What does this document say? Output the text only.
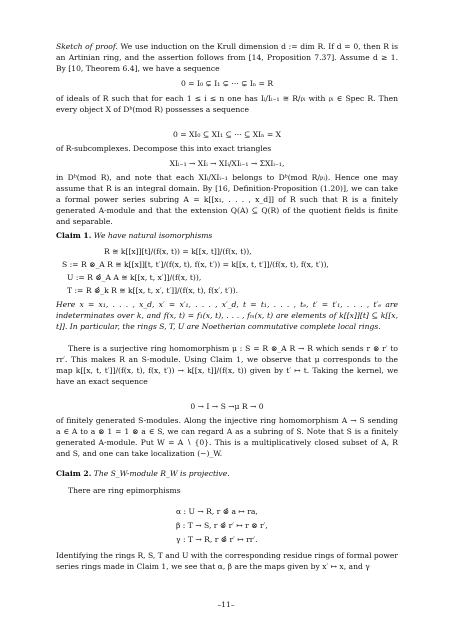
Sketch of proof. We use induction on the Krull dimension d := dim R. If d = 0, then R is an Artinian ring, and the assertion follows from [14, Proposition 7.37]. Assume d ≥ 1. By [10, Theorem 6.4], we have a sequence

0 = I₀ ⊊ I₁ ⊊ ··· ⊊ Iₙ = R

of ideals of R such that for each 1 ≤ i ≤ n one has Iᵢ/Iᵢ₋₁ ≅ R/𝔭ᵢ with 𝔭ᵢ ∈ Spec R. Then every object X of Dᵇ(mod R) possesses a sequence

0 = XI₀ ⊆ XI₁ ⊆ ··· ⊆ XIₙ = X

of R-subcomplexes. Decompose this into exact triangles

XIᵢ₋₁ → XIᵢ → XIᵢ/XIᵢ₋₁ → ΣXIᵢ₋₁,

in Dᵇ(mod R), and note that each XIᵢ/XIᵢ₋₁ belongs to Dᵇ(mod R/𝔭ᵢ). Hence one may assume that R is an integral domain. By [16, Definition-Proposition (1.20)], we can take a formal power series subring A = k[[x₁, . . . , x_d]] of R such that R is a finitely generated A-module and that the extension Q(A) ⊆ Q(R) of the quotient fields is finite and separable.

Claim 1. We have natural isomorphisms

R ≅ k[[x]][t]/(f(x, t)) = k[[x, t]]/(f(x, t)),
S := R ⊗_A R ≅ k[[x]][t, t′]/(f(x, t), f(x, t′)) = k[[x, t, t′]]/(f(x, t), f(x, t′)),
U := R ⊗̂_A A ≅ k[[x, t, x′]]/(f(x, t)),
T := R ⊗̂_k R ≅ k[[x, t, x′, t′]]/(f(x, t), f(x′, t′)).

Here x = x₁, . . . , x_d, x′ = x′₁, . . . , x′_d, t = t₁, . . . , tₑ, t′ = t′₁, . . . , t′ₑ are indeterminates over k, and f(x, t) = f₁(x, t), . . . , fₘ(x, t) are elements of k[[x]][t] ⊆ k[[x, t]]. In particular, the rings S, T, U are Noetherian commutative complete local rings.

There is a surjective ring homomorphism μ : S = R ⊗_A R → R which sends r ⊗ r′ to rr′. This makes R an S-module. Using Claim 1, we observe that μ corresponds to the map k[[x, t, t′]]/(f(x, t), f(x, t′)) → k[[x, t]]/(f(x, t)) given by t′ ↦ t. Taking the kernel, we have an exact sequence

0 → I → S →μ R → 0

of finitely generated S-modules. Along the injective ring homomorphism A → S sending a ∈ A to a ⊗ 1 = 1 ⊗ a ∈ S, we can regard A as a subring of S. Note that S is a finitely generated A-module. Put W = A ∖ {0}. This is a multiplicatively closed subset of A, R and S, and one can take localization (−)_W.

Claim 2. The S_W-module R_W is projective.

There are ring epimorphisms

α : U → R, r ⊗̂ a ↦ ra,
β : T → S, r ⊗̂ r′ ↦ r ⊗ r′,
γ : T → R, r ⊗̂ r′ ↦ rr′.

Identifying the rings R, S, T and U with the corresponding residue rings of formal power series rings made in Claim 1, we see that α, β are the maps given by x′ ↦ x, and γ

–11–
